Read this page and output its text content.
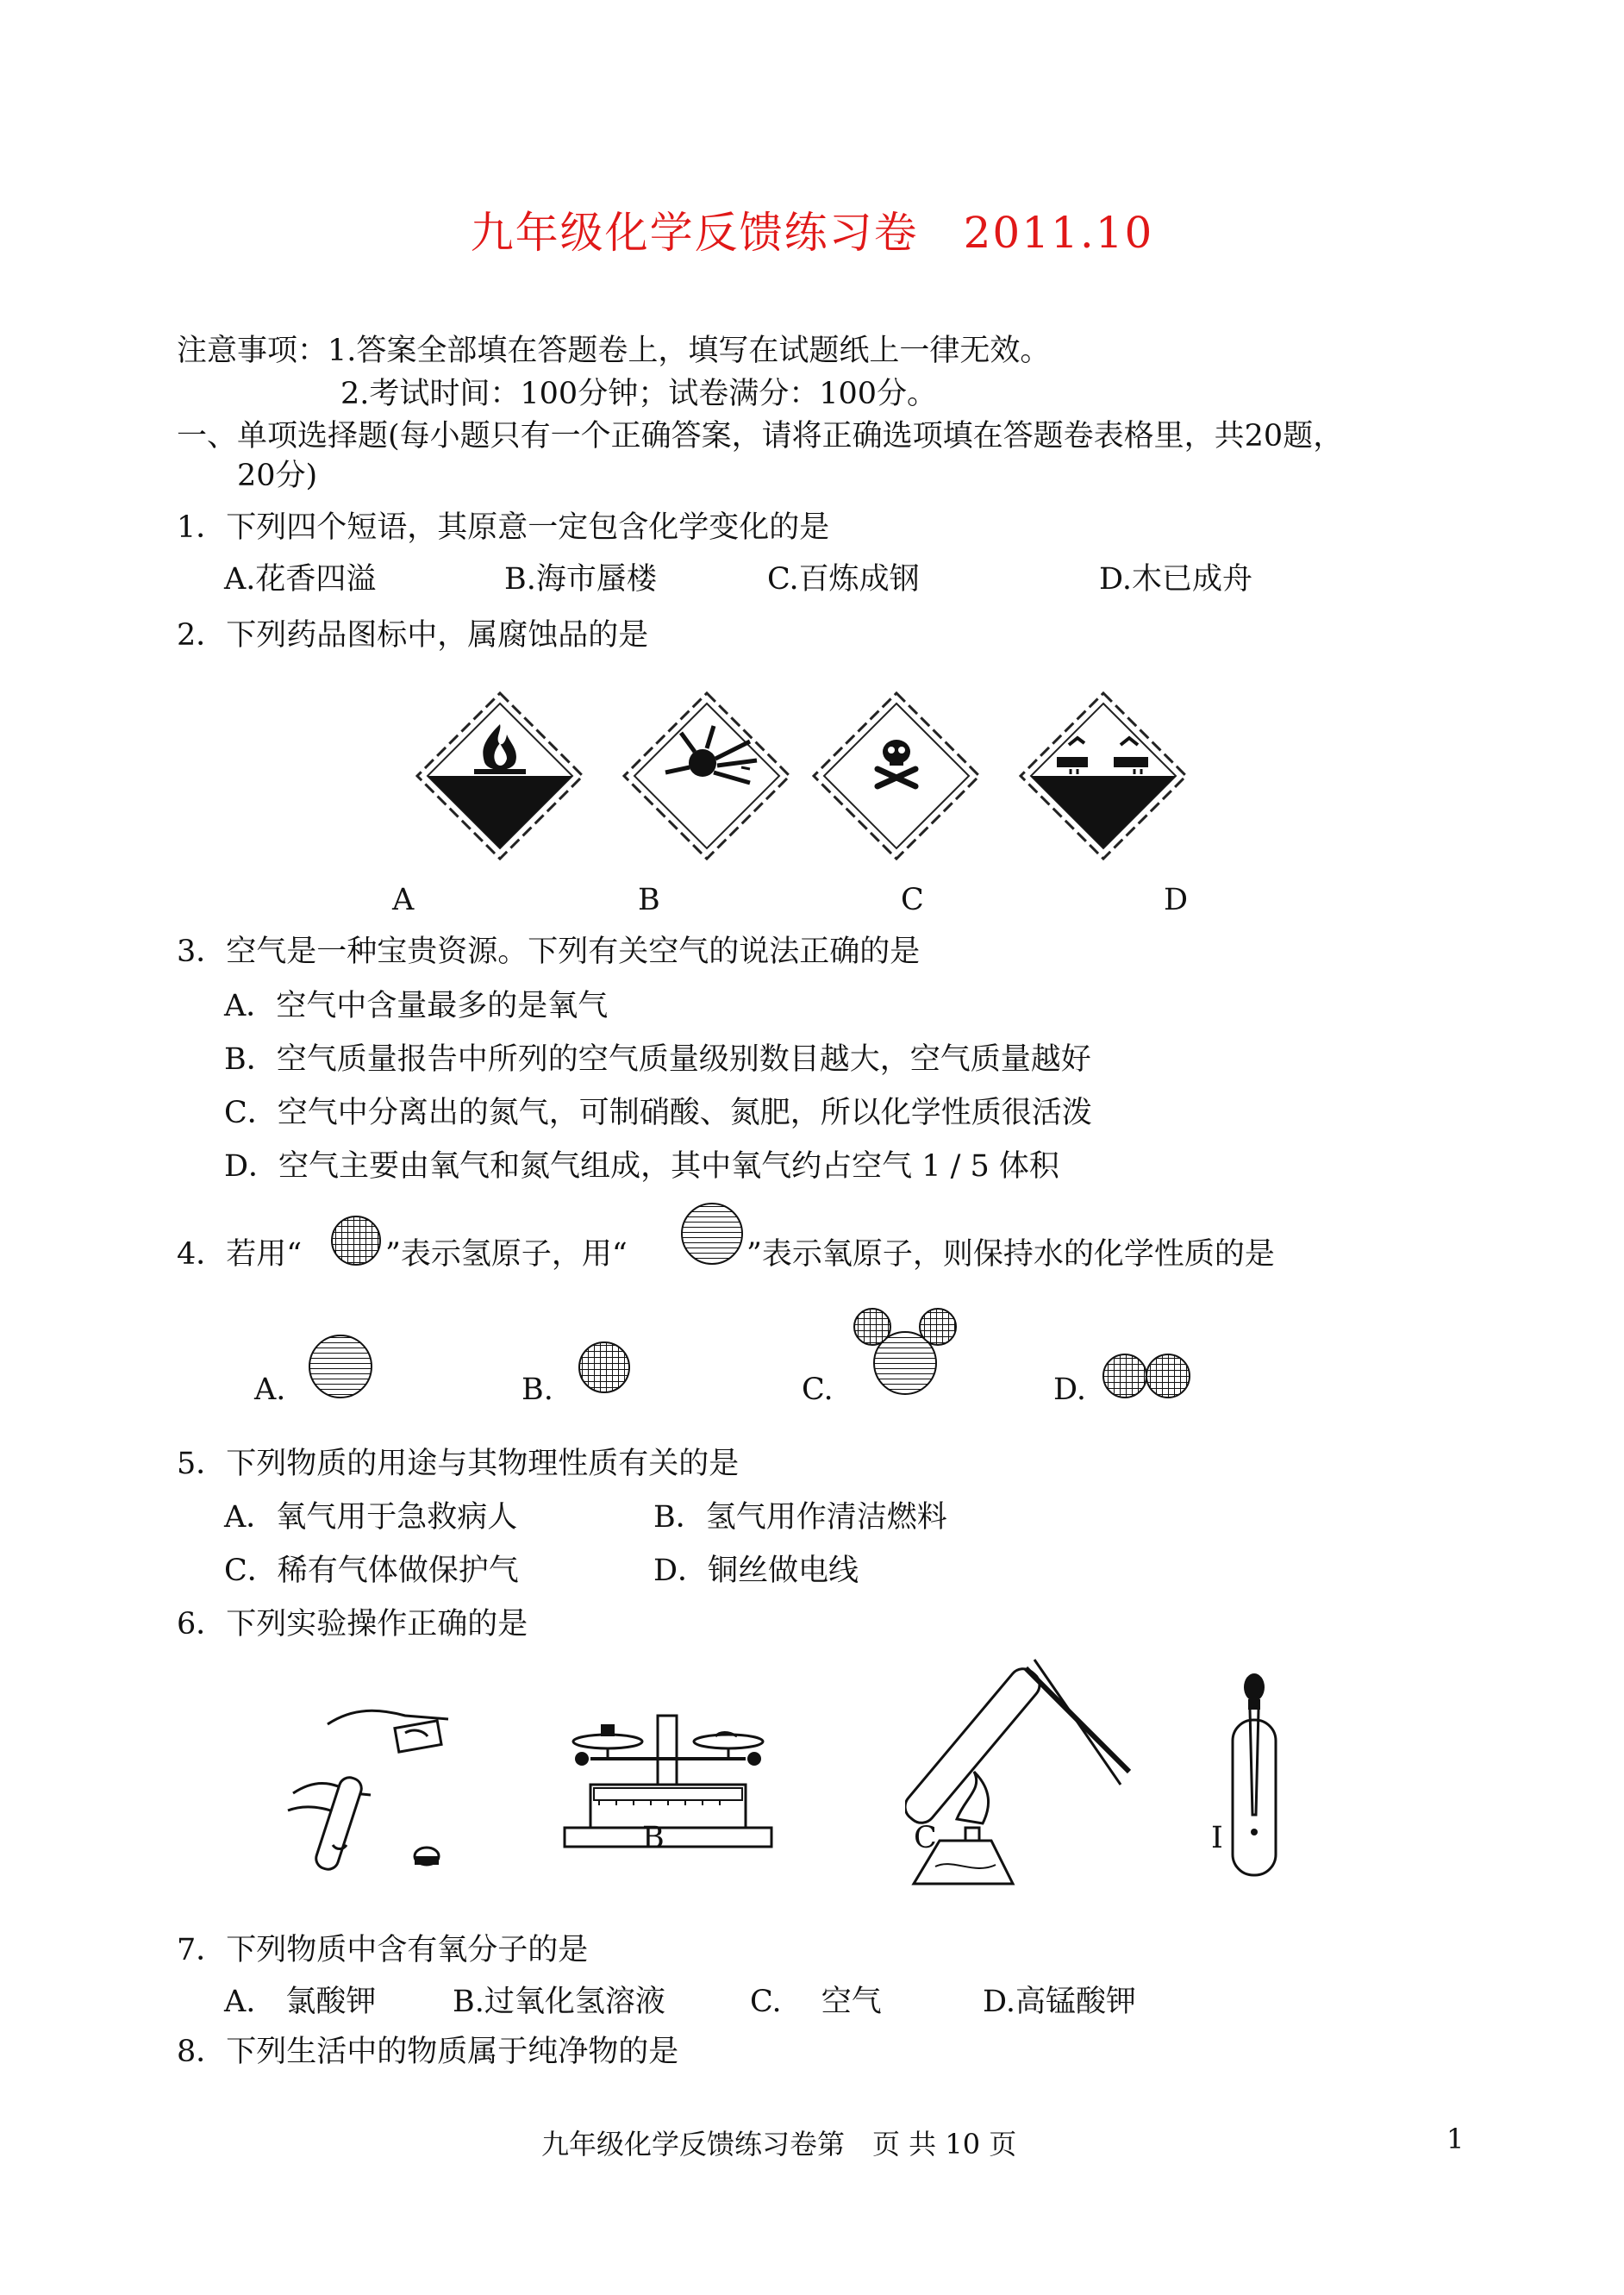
九年级化学反馈练习卷　2011.10
注意事项：1.答案全部填在答题卷上，填写在试题纸上一律无效。
2.考试时间：100分钟；试卷满分：100分。
一、单项选择题(每小题只有一个正确答案，请将正确选项填在答题卷表格里，共20题，
20分)
1．下列四个短语，其原意一定包含化学变化的是
A.花香四溢	B.海市蜃楼	C.百炼成钢	D.木已成舟
2．下列药品图标中，属腐蚀品的是
A	B	C	D
3．空气是一种宝贵资源。下列有关空气的说法正确的是
A．空气中含量最多的是氧气
B．空气质量报告中所列的空气质量级别数目越大，空气质量越好
C．空气中分离出的氮气，可制硝酸、氮肥，所以化学性质很活泼
D．空气主要由氧气和氮气组成，其中氧气约占空气 1 / 5 体积
4．若用“	”表示氢原子，用“	”表示氧原子，则保持水的化学性质的是
A.	B.	C.	D.
5．下列物质的用途与其物理性质有关的是
A．氧气用于急救病人	B．氢气用作清洁燃料
C．稀有气体做保护气	D．铜丝做电线
6．下列实验操作正确的是
B	C	I
7．下列物质中含有氧分子的是
A.　氯酸钾	B.过氧化氢溶液	C.　 空气	D.高锰酸钾
8．下列生活中的物质属于纯净物的是
九年级化学反馈练习卷第　页 共 10 页	1
